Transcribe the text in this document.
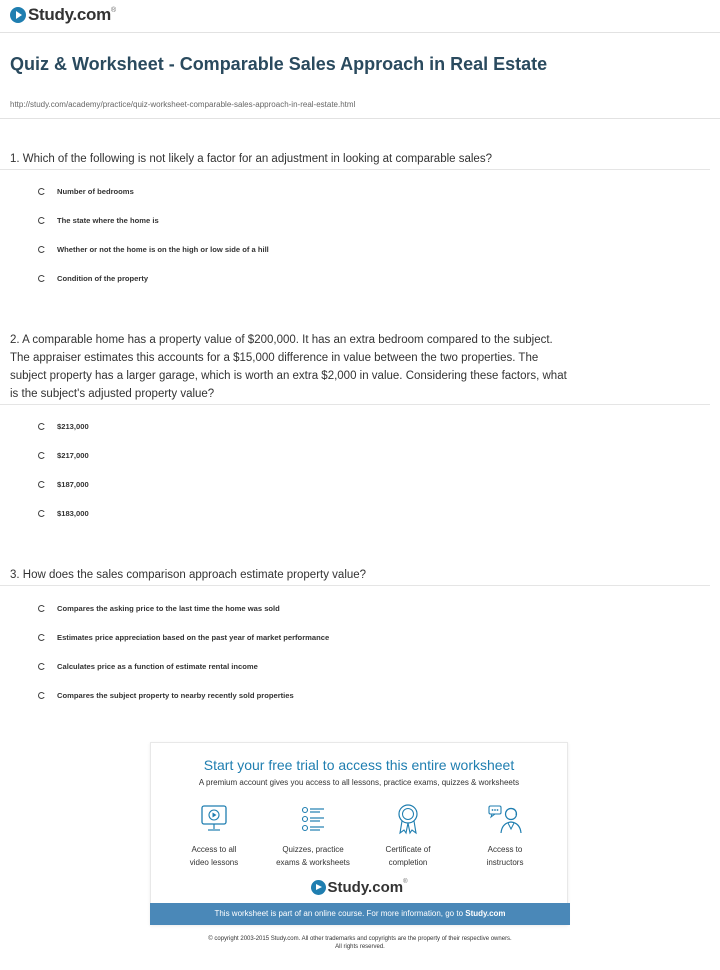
Study.com ®
Quiz & Worksheet - Comparable Sales Approach in Real Estate
http://study.com/academy/practice/quiz-worksheet-comparable-sales-approach-in-real-estate.html
1. Which of the following is not likely a factor for an adjustment in looking at comparable sales?
Number of bedrooms
The state where the home is
Whether or not the home is on the high or low side of a hill
Condition of the property
2. A comparable home has a property value of $200,000. It has an extra bedroom compared to the subject. The appraiser estimates this accounts for a $15,000 difference in value between the two properties. The subject property has a larger garage, which is worth an extra $2,000 in value. Considering these factors, what is the subject's adjusted property value?
$213,000
$217,000
$187,000
$183,000
3. How does the sales comparison approach estimate property value?
Compares the asking price to the last time the home was sold
Estimates price appreciation based on the past year of market performance
Calculates price as a function of estimate rental income
Compares the subject property to nearby recently sold properties
Start your free trial to access this entire worksheet
A premium account gives you access to all lessons, practice exams, quizzes & worksheets
Access to all
video lessons
Quizzes, practice
exams & worksheets
Certificate of
completion
Access to
instructors
Study.com ®
This worksheet is part of an online course. For more information, go to Study.com
© copyright 2003-2015 Study.com. All other trademarks and copyrights are the property of their respective owners.
All rights reserved.
